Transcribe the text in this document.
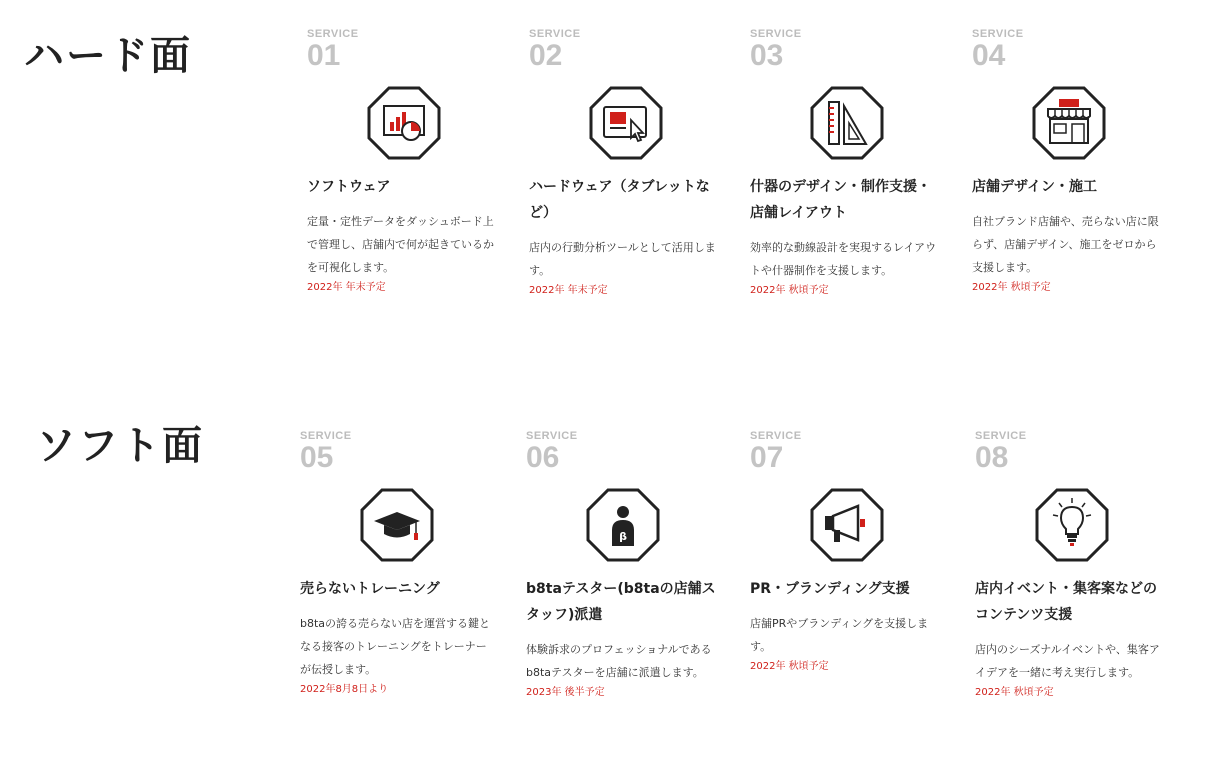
ハード面	SERVICE
01
ソフトウェア
定量・定性データをダッシュボード上で管理し、店舗内で何が起きているかを可視化します。
2022年 年末予定
SERVICE
02
ハードウェア（タブレットなど）
店内の行動分析ツールとして活用します。
2022年 年末予定
SERVICE
03
什器のデザイン・制作支援・店舗レイアウト
効率的な動線設計を実現するレイアウトや什器制作を支援します。
2022年 秋頃予定
SERVICE
04
店舗デザイン・施工
自社ブランド店舗や、売らない店に限らず、店舗デザイン、施工をゼロから支援します。
2022年 秋頃予定
ソフト面	SERVICE
05
売らないトレーニング
b8taの誇る売らない店を運営する鍵となる接客のトレーニングをトレーナーが伝授します。
2022年8月8日より
SERVICE
06
β
b8taテスター(b8taの店舗スタッフ)派遣
体験訴求のプロフェッショナルであるb8taテスターを店舗に派遣します。
2023年 後半予定
SERVICE
07
PR・ブランディング支援
店舗PRやブランディングを支援します。
2022年 秋頃予定
SERVICE
08
店内イベント・集客案などのコンテンツ支援
店内のシーズナルイベントや、集客アイデアを一緒に考え実行します。
2022年 秋頃予定
